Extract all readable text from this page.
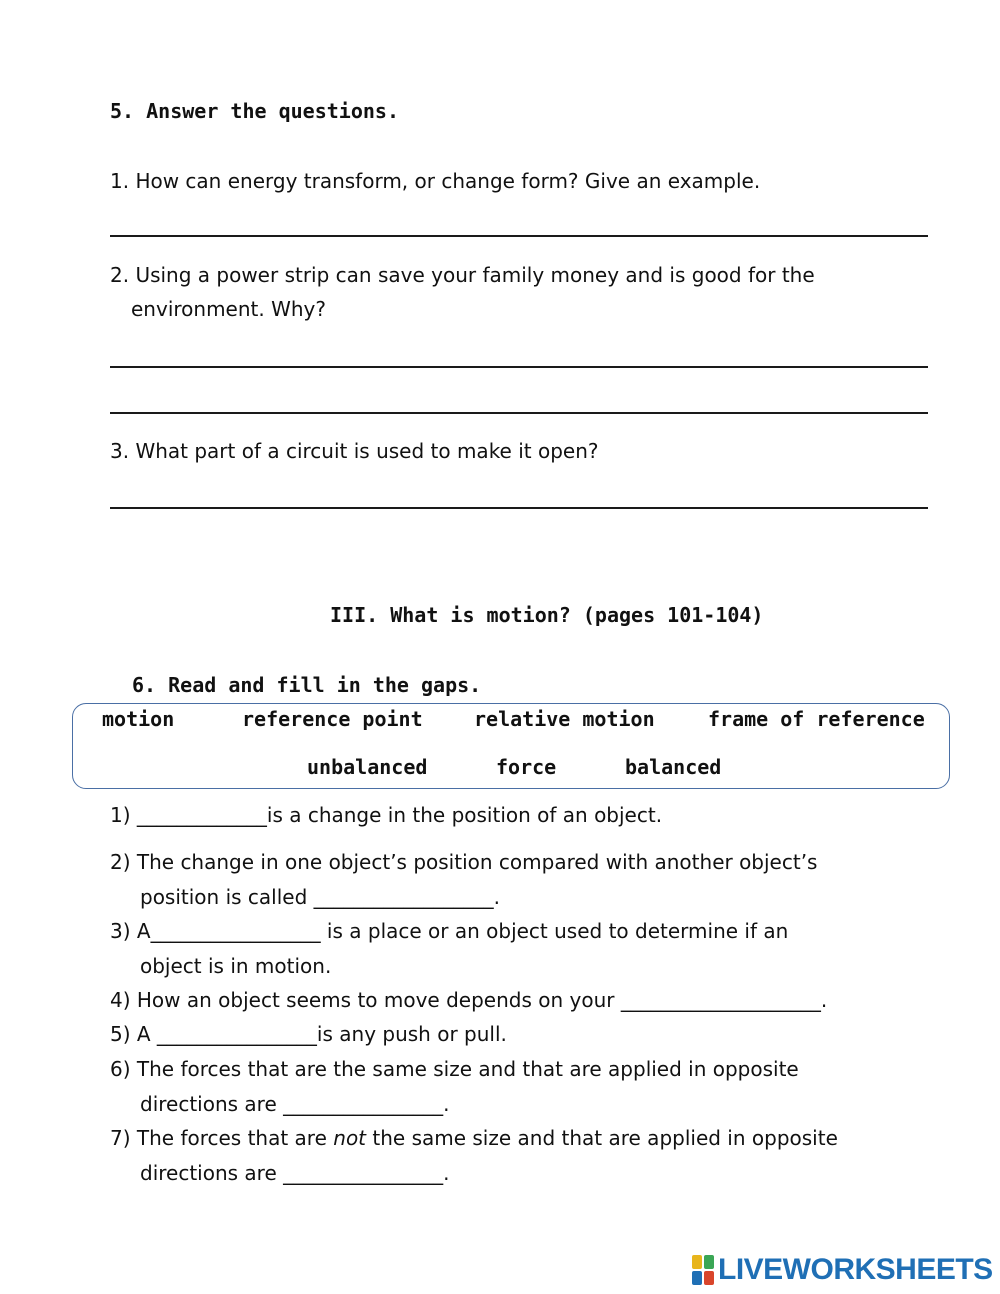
5. Answer the questions.
1. How can energy transform, or change form? Give an example.
2. Using a power strip can save your family money and is good for the
environment. Why?
3. What part of a circuit is used to make it open?
III. What is motion? (pages 101-104)
6. Read and fill in the gaps.
motion	reference point	relative motion	frame of reference
unbalanced	force	balanced
1) _____________is a change in the position of an object.
2) The change in one object’s position compared with another object’s
position is called __________________.
3) A_________________ is a place or an object used to determine if an
object is in motion.
4) How an object seems to move depends on your ____________________.
5) A ________________is any push or pull.
6) The forces that are the same size and that are applied in opposite
directions are ________________.
7) The forces that are not the same size and that are applied in opposite
directions are ________________.
LIVEWORKSHEETS
